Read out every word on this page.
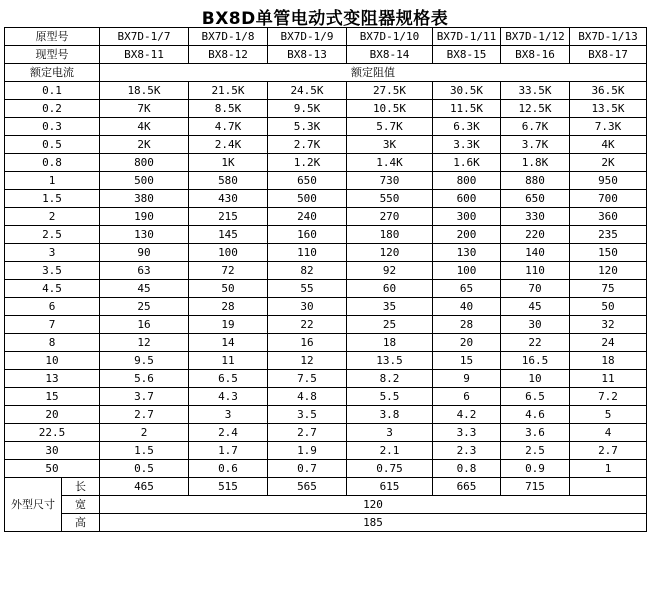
BX8D单管电动式变阻器规格表
原型号		BX7D-1/7	BX7D-1/8	BX7D-1/9	BX7D-1/10	BX7D-1/11	BX7D-1/12	BX7D-1/13
现型号		BX8-11	BX8-12	BX8-13	BX8-14	BX8-15	BX8-16	BX8-17
额定电流		额定阻值						
0.1		18.5K	21.5K	24.5K	27.5K	30.5K	33.5K	36.5K
0.2		7K	8.5K	9.5K	10.5K	11.5K	12.5K	13.5K
0.3		4K	4.7K	5.3K	5.7K	6.3K	6.7K	7.3K
0.5		2K	2.4K	2.7K	3K	3.3K	3.7K	4K
0.8		800	1K	1.2K	1.4K	1.6K	1.8K	2K
1		500	580	650	730	800	880	950
1.5		380	430	500	550	600	650	700
2		190	215	240	270	300	330	360
2.5		130	145	160	180	200	220	235
3		90	100	110	120	130	140	150
3.5		63	72	82	92	100	110	120
4.5		45	50	55	60	65	70	75
6		25	28	30	35	40	45	50
7		16	19	22	25	28	30	32
8		12	14	16	18	20	22	24
10		9.5	11	12	13.5	15	16.5	18
13		5.6	6.5	7.5	8.2	9	10	11
15		3.7	4.3	4.8	5.5	6	6.5	7.2
20		2.7	3	3.5	3.8	4.2	4.6	5
22.5		2	2.4	2.7	3	3.3	3.6	4
30		1.5	1.7	1.9	2.1	2.3	2.5	2.7
50		0.5	0.6	0.7	0.75	0.8	0.9	1
外型尺寸	长	465	515	565	615	665	715	
	宽	120						
	高	185						
